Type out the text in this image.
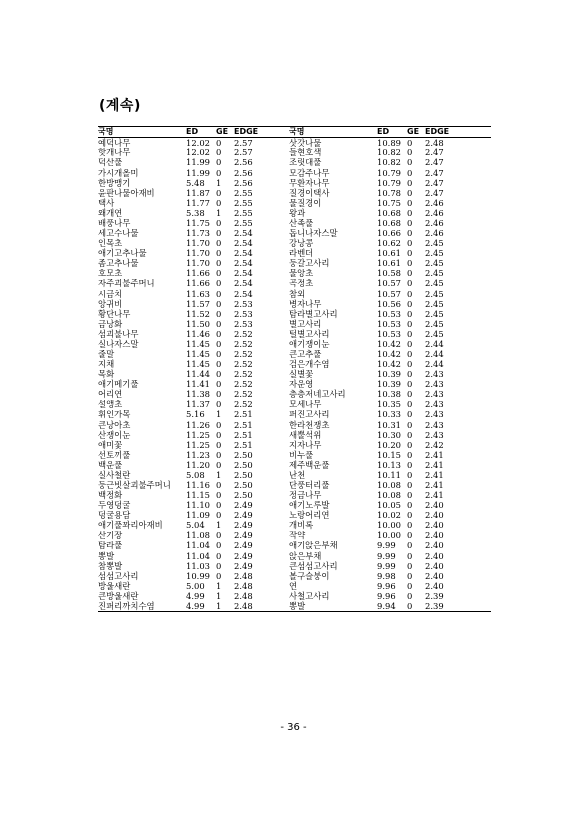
(계속)
국명	ED	GE	EDGE	국명	ED	GE	EDGE
예덕나무	12.02	0	2.57	삿갓나물	10.89	0	2.48
핫개나무	12.02	0	2.57	들현호색	10.82	0	2.47
덕산풀	11.99	0	2.56	조릿대풀	10.82	0	2.47
가시개올미	11.99	0	2.56	모감주나무	10.79	0	2.47
한방맹기	5.48	1	2.56	무환자나무	10.79	0	2.47
윤판나물아재비	11.87	0	2.55	질경이택사	10.78	0	2.47
택사	11.77	0	2.55	물질경이	10.75	0	2.46
왜개연	5.38	1	2.55	왕과	10.68	0	2.46
배풍나무	11.75	0	2.55	산족풀	10.68	0	2.46
세고수나물	11.73	0	2.54	돕니나자스말	10.66	0	2.46
인목초	11.70	0	2.54	강낭콩	10.62	0	2.45
애기고추나물	11.70	0	2.54	라벤더	10.61	0	2.45
좀고추나물	11.70	0	2.54	둥갈고사리	10.61	0	2.45
호모초	11.66	0	2.54	물앙초	10.58	0	2.45
자주괴불주머니	11.66	0	2.54	곡정초	10.57	0	2.45
시금치	11.63	0	2.54	참외	10.57	0	2.45
앙귀비	11.57	0	2.53	병자나무	10.56	0	2.45
황단나무	11.52	0	2.53	탐라별고사리	10.53	0	2.45
금낭화	11.50	0	2.53	별고사리	10.53	0	2.45
섬괴불나무	11.46	0	2.52	털별고사리	10.53	0	2.45
실나자스말	11.45	0	2.52	애기쟁이눈	10.42	0	2.44
줄말	11.45	0	2.52	큰고추풀	10.42	0	2.44
지채	11.45	0	2.52	검은개수염	10.42	0	2.44
목화	11.44	0	2.52	실별꽃	10.39	0	2.43
애기메기풀	11.41	0	2.52	자운영	10.39	0	2.43
어리연	11.38	0	2.52	층층저네고사리	10.38	0	2.43
설앵초	11.37	0	2.52	모세나무	10.35	0	2.43
휘인가목	5.16	1	2.51	퍼진고사리	10.33	0	2.43
큰낭아초	11.26	0	2.51	한라천쟁초	10.31	0	2.43
산쟁이눈	11.25	0	2.51	새뿔석위	10.30	0	2.43
애미꽃	11.25	0	2.51	지자나무	10.20	0	2.42
선토끼풀	11.23	0	2.50	비누풀	10.15	0	2.41
백운풀	11.20	0	2.50	제주백운풀	10.13	0	2.41
실사철란	5.08	1	2.50	난천	10.11	0	2.41
둥근빗살괴불주머니	11.16	0	2.50	단풍터리풀	10.08	0	2.41
백정화	11.15	0	2.50	정금나무	10.08	0	2.41
두영덩굴	11.10	0	2.49	애기노루발	10.05	0	2.40
덩굴용담	11.09	0	2.49	노랑어리연	10.02	0	2.40
애기풀꽈리아재비	5.04	1	2.49	개비록	10.00	0	2.40
산기장	11.08	0	2.49	작약	10.00	0	2.40
탐라풀	11.04	0	2.49	애기앉은부채	9.99	0	2.40
뽕발	11.04	0	2.49	앉은부채	9.99	0	2.40
참뽕발	11.03	0	2.49	큰섬섬고사리	9.99	0	2.40
섬섬고사리	10.99	0	2.48	볼구슬붕이	9.98	0	2.40
방울새란	5.00	1	2.48	연	9.96	0	2.40
큰방울새란	4.99	1	2.48	사철고사리	9.96	0	2.39
진퍼리까치수염	4.99	1	2.48	뽕발	9.94	0	2.39

- 36 -
